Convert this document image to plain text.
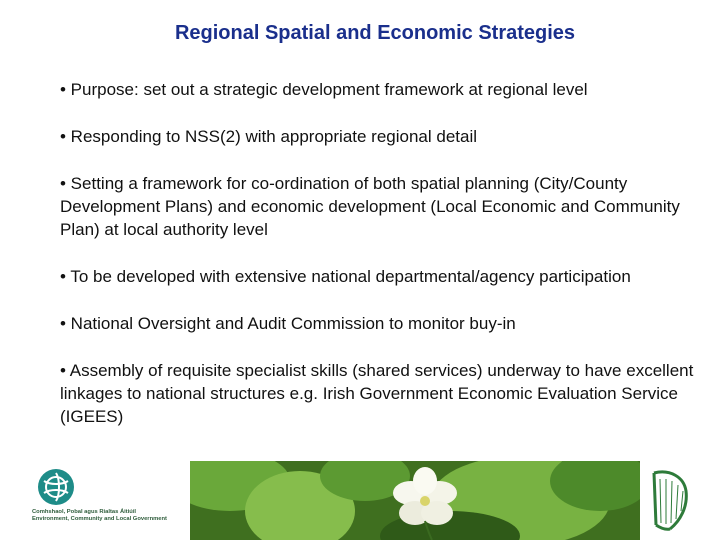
Regional Spatial and Economic Strategies
• Purpose: set out a strategic development framework at regional level
• Responding to NSS(2) with appropriate regional detail
• Setting a framework for co-ordination of both spatial planning (City/County Development Plans) and economic development (Local Economic and Community Plan) at local authority level
• To be developed with extensive national departmental/agency participation
• National Oversight and Audit Commission to monitor buy-in
• Assembly of requisite specialist skills (shared services) underway to have excellent linkages to national structures e.g. Irish Government Economic Evaluation Service (IGEES)
Comhshaol, Pobal agus Rialtas Áitiúil
Environment, Community and Local Government
